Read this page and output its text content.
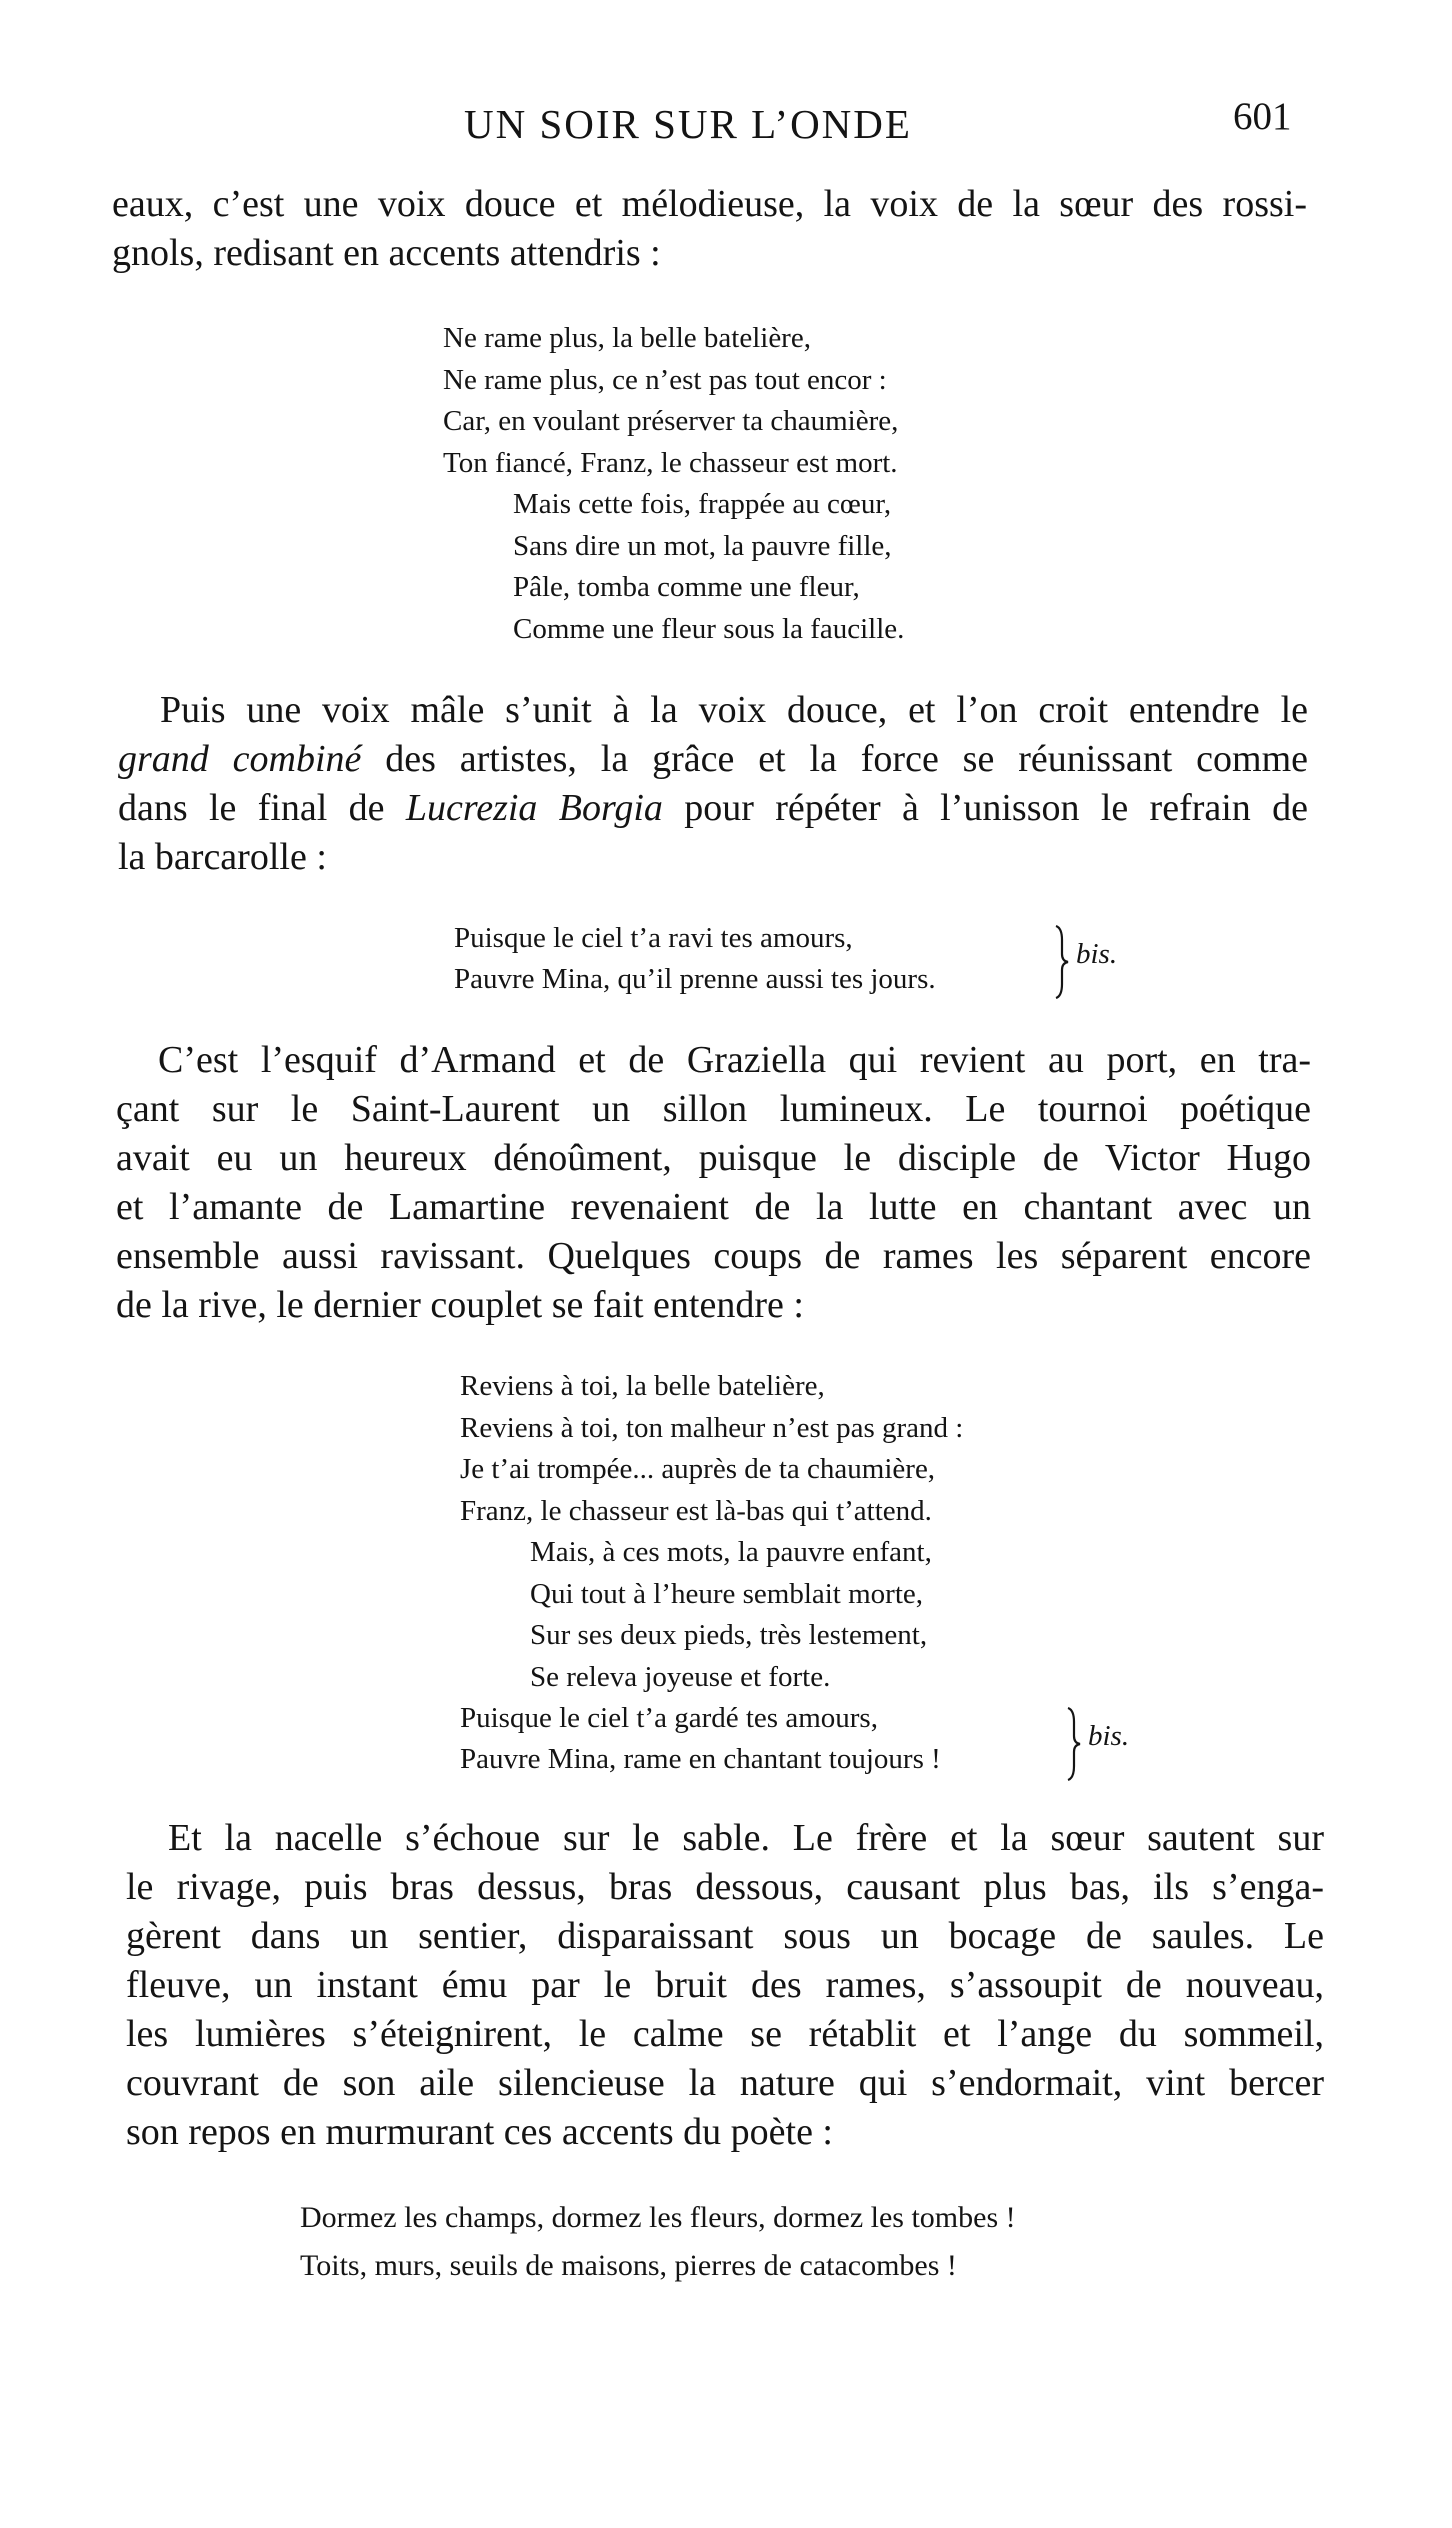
UN SOIR SUR L’ONDE	601

eaux, c’est une voix douce et mélodieuse, la voix de la sœur des rossi-

gnols, redisant en accents attendris :

Ne rame plus, la belle batelière,
Ne rame plus, ce n’est pas tout encor :
Car, en voulant préserver ta chaumière,
Ton fiancé, Franz, le chasseur est mort.
Mais cette fois, frappée au cœur,
Sans dire un mot, la pauvre fille,
Pâle, tomba comme une fleur,
Comme une fleur sous la faucille.

Puis une voix mâle s’unit à la voix douce, et l’on croit entendre le

grand combiné des artistes, la grâce et la force se réunissant comme

dans le final de Lucrezia Borgia pour répéter à l’unisson le refrain de

la barcarolle :

Puisque le ciel t’a ravi tes amours,
Pauvre Mina, qu’il prenne aussi tes jours.
bis.

C’est l’esquif d’Armand et de Graziella qui revient au port, en tra-

çant sur le Saint-Laurent un sillon lumineux. Le tournoi poétique

avait eu un heureux dénoûment, puisque le disciple de Victor Hugo

et l’amante de Lamartine revenaient de la lutte en chantant avec un

ensemble aussi ravissant. Quelques coups de rames les séparent encore

de la rive, le dernier couplet se fait entendre :

Reviens à toi, la belle batelière,
Reviens à toi, ton malheur n’est pas grand :
Je t’ai trompée... auprès de ta chaumière,
Franz, le chasseur est là-bas qui t’attend.
Mais, à ces mots, la pauvre enfant,
Qui tout à l’heure semblait morte,
Sur ses deux pieds, très lestement,
Se releva joyeuse et forte.
Puisque le ciel t’a gardé tes amours,
Pauvre Mina, rame en chantant toujours !
bis.

Et la nacelle s’échoue sur le sable. Le frère et la sœur sautent sur

le rivage, puis bras dessus, bras dessous, causant plus bas, ils s’enga-

gèrent dans un sentier, disparaissant sous un bocage de saules. Le

fleuve, un instant ému par le bruit des rames, s’assoupit de nouveau,

les lumières s’éteignirent, le calme se rétablit et l’ange du sommeil,

couvrant de son aile silencieuse la nature qui s’endormait, vint bercer

son repos en murmurant ces accents du poète :

Dormez les champs, dormez les fleurs, dormez les tombes !
Toits, murs, seuils de maisons, pierres de catacombes !
